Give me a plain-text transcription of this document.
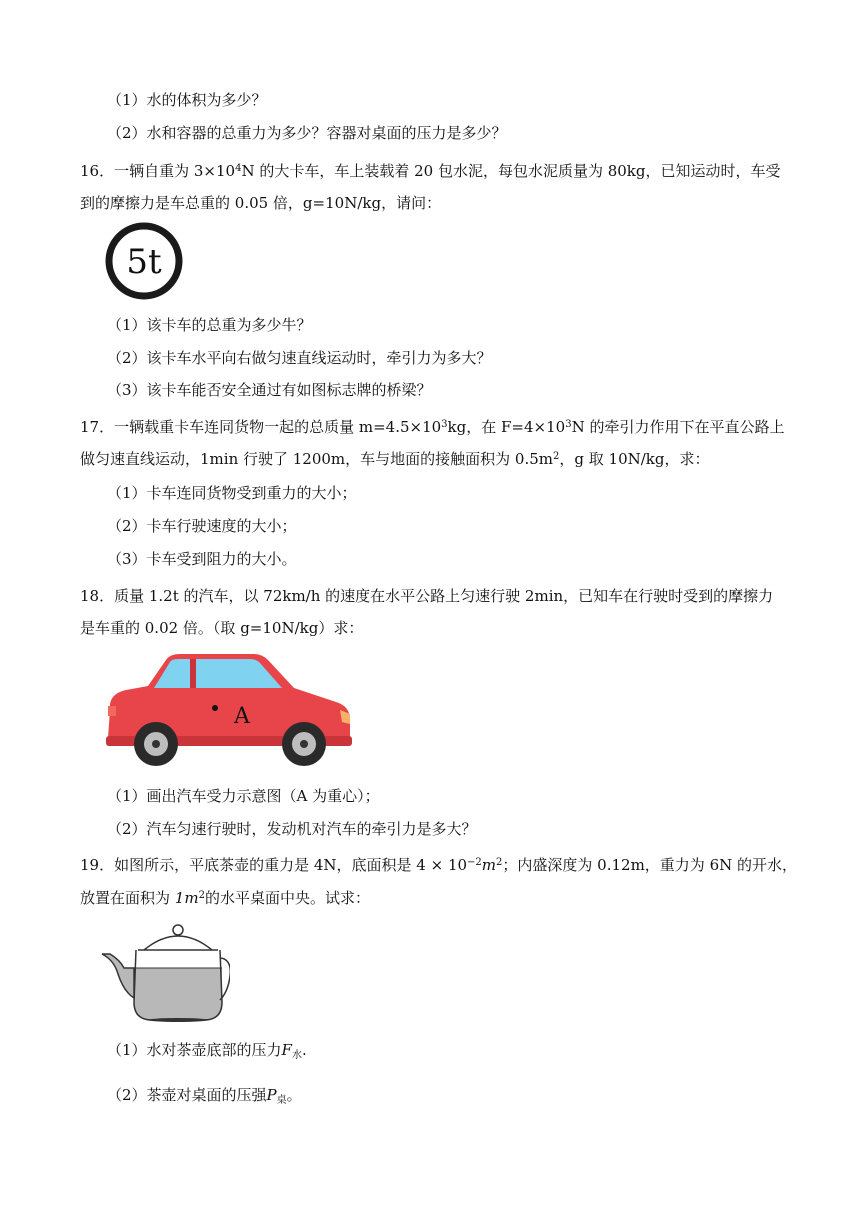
（1）水的体积为多少？
（2）水和容器的总重力为多少？容器对桌面的压力是多少？
16．一辆自重为 $3\times 10^4N$ 的大卡车，车上装载着 20 包水泥，每包水泥质量为 80kg，已知运动时，车受
到的摩擦力是车总重的 0.05 倍，g=10N/kg，请问：
5t
（1）该卡车的总重为多少牛？
（2）该卡车水平向右做匀速直线运动时，牵引力为多大？
（3）该卡车能否安全通过有如图标志牌的桥梁？
17．一辆载重卡车连同货物一起的总质量 $m=4.5\times 10^3kg$，在 $F=4\times 10^3N$ 的牵引力作用下在平直公路上
做匀速直线运动，1min 行驶了 1200m，车与地面的接触面积为 $0.5m^2$，g 取 10N/kg，求：
（1）卡车连同货物受到重力的大小；
（2）卡车行驶速度的大小；
（3）卡车受到阻力的大小。
18．质量 1.2t 的汽车，以 72km/h 的速度在水平公路上匀速行驶 2min，已知车在行驶时受到的摩擦力
是车重的 0.02 倍。（取 g=10N/kg）求：
A
（1）画出汽车受力示意图（A 为重心）；
（2）汽车匀速行驶时，发动机对汽车的牵引力是多大？
19．如图所示，平底茶壶的重力是 4N，底面积是 $4 \times 10^{-2}m^2$；内盛深度为 0.12m，重力为 6N 的开水，
放置在面积为 $1m^2$的水平桌面中央。试求：
（1）水对茶壶底部的压力$F_水$.
（2）茶壶对桌面的压强$P_桌$。
